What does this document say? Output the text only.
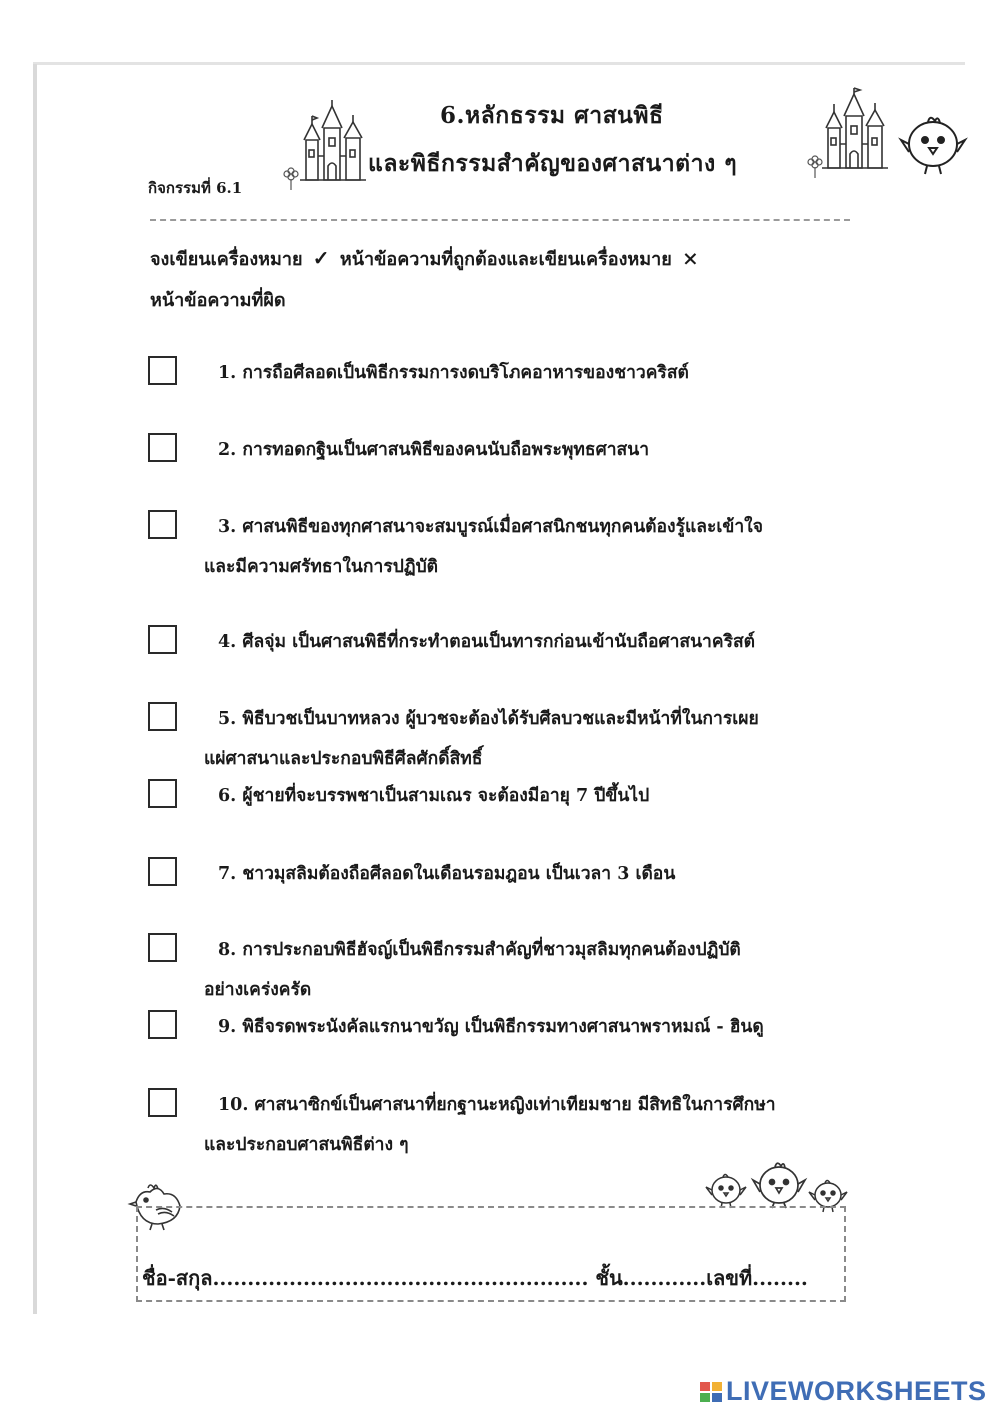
6.หลักธรรม ศาสนพิธี
และพิธีกรรมสำคัญของศาสนาต่าง ๆ
กิจกรรมที่ 6.1
จงเขียนเครื่องหมาย ✓ หน้าข้อความที่ถูกต้องและเขียนเครื่องหมาย ×
หน้าข้อความที่ผิด
1. การถือศีลอดเป็นพิธีกรรมการงดบริโภคอาหารของชาวคริสต์
2. การทอดกฐินเป็นศาสนพิธีของคนนับถือพระพุทธศาสนา
3. ศาสนพิธีของทุกศาสนาจะสมบูรณ์เมื่อศาสนิกชนทุกคนต้องรู้และเข้าใจ
และมีความศรัทธาในการปฏิบัติ
4. ศีลจุ่ม เป็นศาสนพิธีที่กระทำตอนเป็นทารกก่อนเข้านับถือศาสนาคริสต์
5. พิธีบวชเป็นบาทหลวง ผู้บวชจะต้องได้รับศีลบวชและมีหน้าที่ในการเผย
แผ่ศาสนาและประกอบพิธีศีลศักดิ์สิทธิ์
6. ผู้ชายที่จะบรรพชาเป็นสามเณร จะต้องมีอายุ 7 ปีขึ้นไป
7. ชาวมุสลิมต้องถือศีลอดในเดือนรอมฎอน เป็นเวลา 3 เดือน
8. การประกอบพิธีฮัจญ์เป็นพิธีกรรมสำคัญที่ชาวมุสลิมทุกคนต้องปฏิบัติ
อย่างเคร่งครัด
9. พิธีจรดพระนังคัลแรกนาขวัญ เป็นพิธีกรรมทางศาสนาพราหมณ์ - ฮินดู
10. ศาสนาซิกข์เป็นศาสนาที่ยกฐานะหญิงเท่าเทียมชาย มีสิทธิในการศึกษา
และประกอบศาสนพิธีต่าง ๆ
ชื่อ-สกุล...................................................... ชั้น............เลขที่........
LIVEWORKSHEETS
